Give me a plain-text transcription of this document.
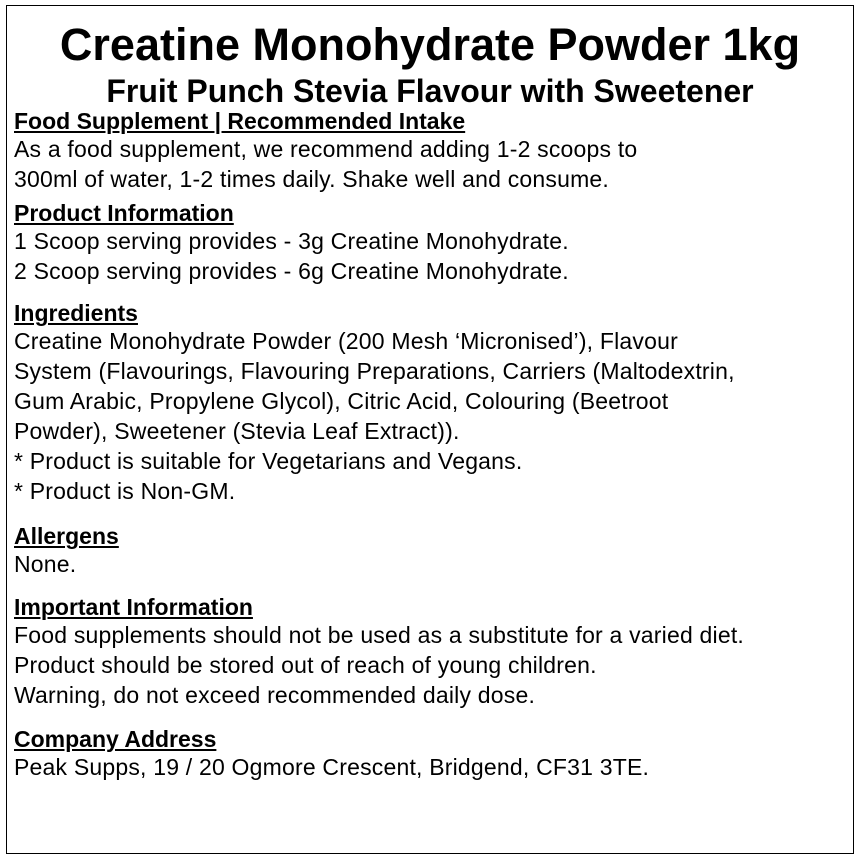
Creatine Monohydrate Powder 1kg
Fruit Punch Stevia Flavour with Sweetener
Food Supplement | Recommended Intake
As a food supplement, we recommend adding 1-2 scoops to
300ml of water, 1-2 times daily. Shake well and consume.
Product Information
1 Scoop serving provides - 3g Creatine Monohydrate.
2 Scoop serving provides - 6g Creatine Monohydrate.
Ingredients
Creatine Monohydrate Powder (200 Mesh ‘Micronised’), Flavour
System (Flavourings, Flavouring Preparations, Carriers (Maltodextrin,
Gum Arabic, Propylene Glycol), Citric Acid, Colouring (Beetroot
Powder), Sweetener (Stevia Leaf Extract)).
* Product is suitable for Vegetarians and Vegans.
* Product is Non-GM.
Allergens
None.
Important Information
Food supplements should not be used as a substitute for a varied diet.
Product should be stored out of reach of young children.
Warning, do not exceed recommended daily dose.
Company Address
Peak Supps, 19 / 20 Ogmore Crescent, Bridgend, CF31 3TE.
